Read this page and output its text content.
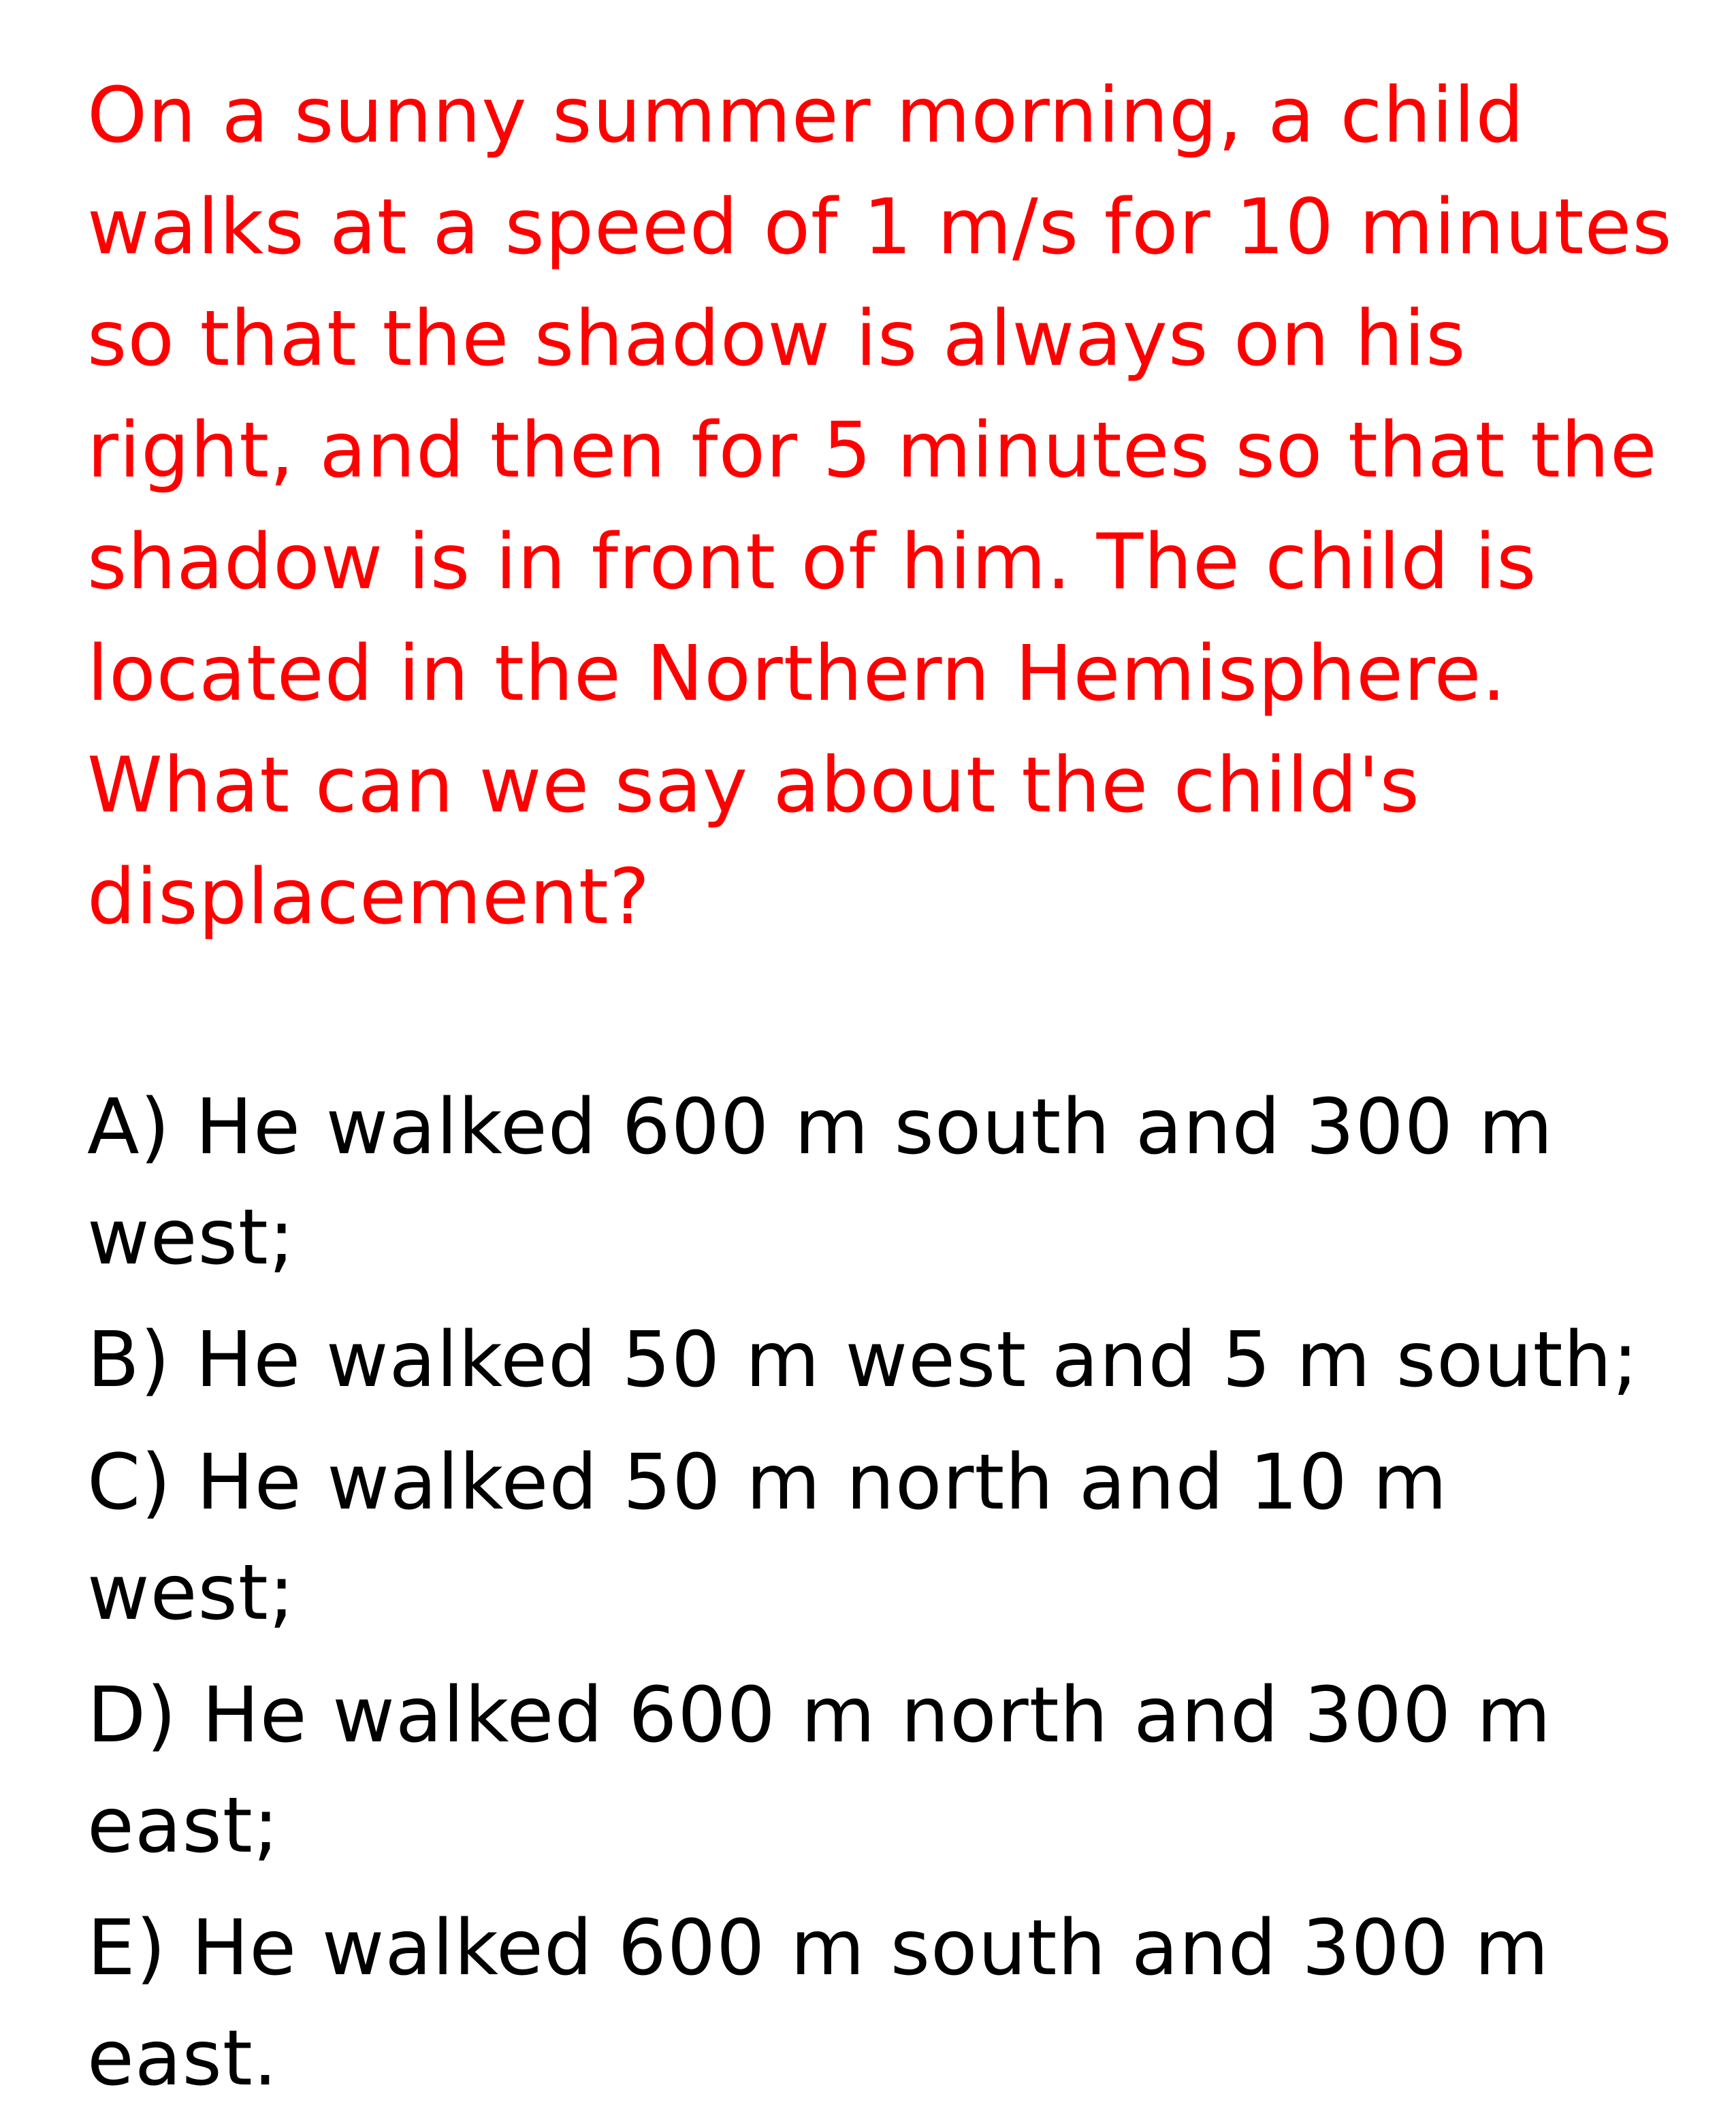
On a sunny summer morning, a child walks at a speed of 1 m/s for 10 minutes so that the shadow is always on his right, and then for 5 minutes so that the shadow is in front of him. The child is located in the Northern Hemisphere. What can we say about the child's displacement?

A) He walked 600 m south and 300 m west;

B) He walked 50 m west and 5 m south;

C) He walked 50 m north and 10 m west;

D) He walked 600 m north and 300 m east;

E) He walked 600 m south and 300 m east.
